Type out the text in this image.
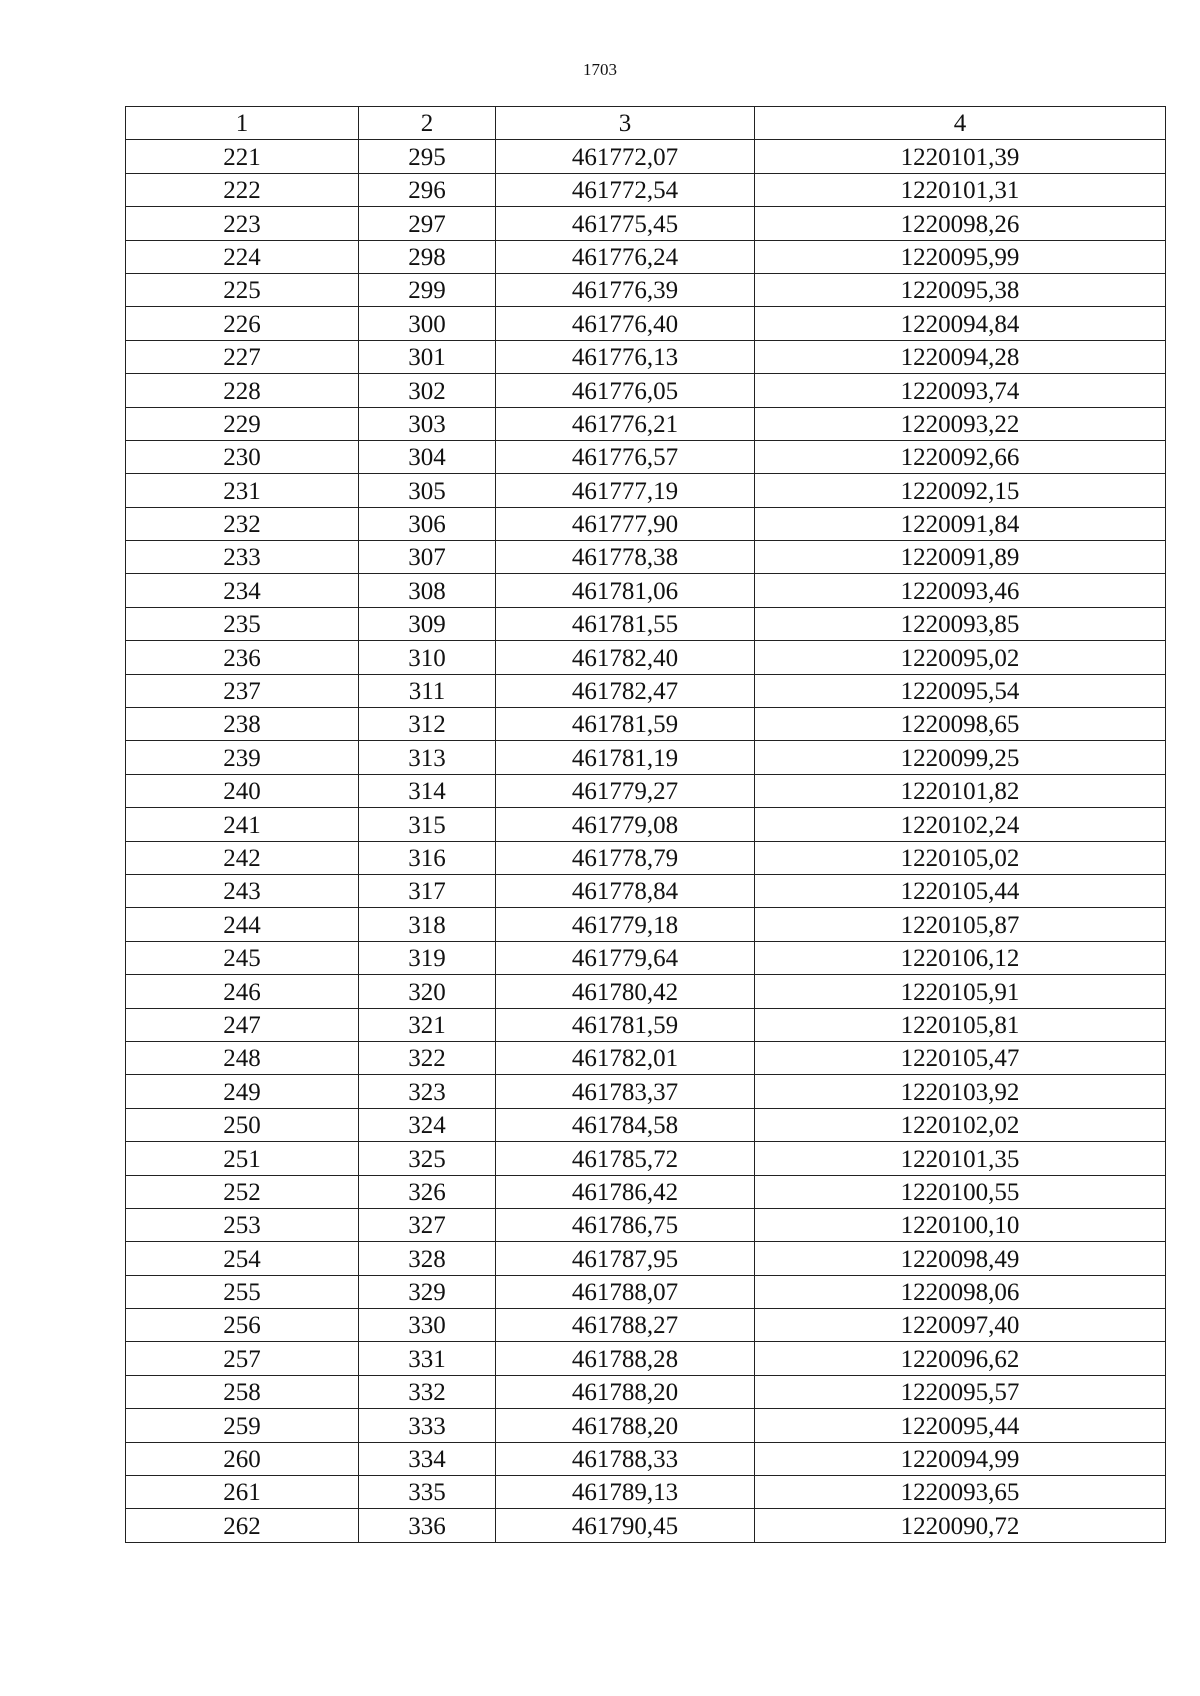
1703
1	2	3	4
221	295	461772,07	1220101,39
222	296	461772,54	1220101,31
223	297	461775,45	1220098,26
224	298	461776,24	1220095,99
225	299	461776,39	1220095,38
226	300	461776,40	1220094,84
227	301	461776,13	1220094,28
228	302	461776,05	1220093,74
229	303	461776,21	1220093,22
230	304	461776,57	1220092,66
231	305	461777,19	1220092,15
232	306	461777,90	1220091,84
233	307	461778,38	1220091,89
234	308	461781,06	1220093,46
235	309	461781,55	1220093,85
236	310	461782,40	1220095,02
237	311	461782,47	1220095,54
238	312	461781,59	1220098,65
239	313	461781,19	1220099,25
240	314	461779,27	1220101,82
241	315	461779,08	1220102,24
242	316	461778,79	1220105,02
243	317	461778,84	1220105,44
244	318	461779,18	1220105,87
245	319	461779,64	1220106,12
246	320	461780,42	1220105,91
247	321	461781,59	1220105,81
248	322	461782,01	1220105,47
249	323	461783,37	1220103,92
250	324	461784,58	1220102,02
251	325	461785,72	1220101,35
252	326	461786,42	1220100,55
253	327	461786,75	1220100,10
254	328	461787,95	1220098,49
255	329	461788,07	1220098,06
256	330	461788,27	1220097,40
257	331	461788,28	1220096,62
258	332	461788,20	1220095,57
259	333	461788,20	1220095,44
260	334	461788,33	1220094,99
261	335	461789,13	1220093,65
262	336	461790,45	1220090,72
